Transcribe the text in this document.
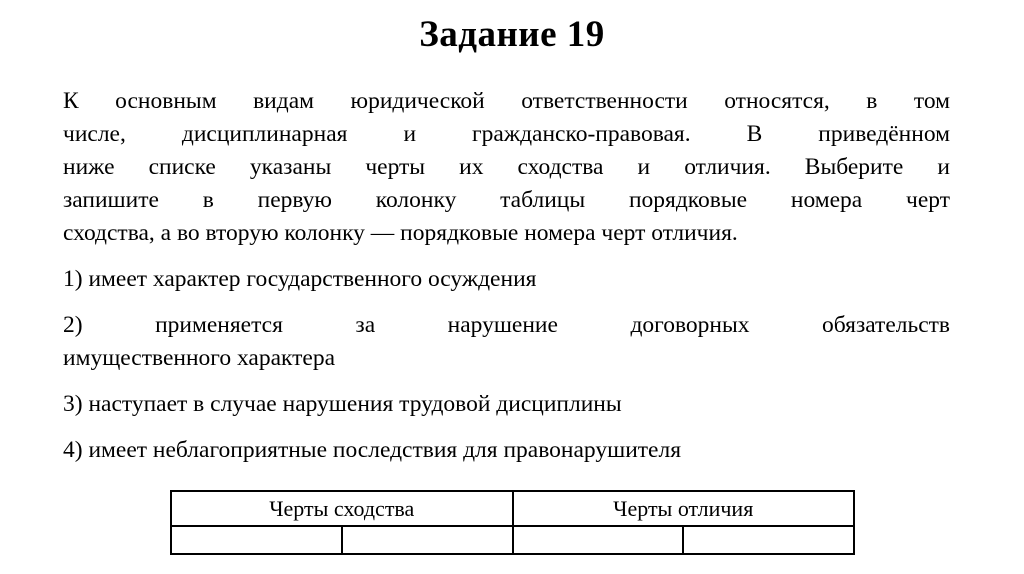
Задание 19
К основным видам юридической ответственности относятся, в том
числе, дисциплинарная и гражданско-правовая. В приведённом
ниже списке указаны черты их сходства и отличия. Выберите и
запишите в первую колонку таблицы порядковые номера черт
сходства, а во вторую колонку — порядковые номера черт отличия.
1) имеет характер государственного осуждения
2) применяется за нарушение договорных обязательств
имущественного характера
3) наступает в случае нарушения трудовой дисциплины
4) имеет неблагоприятные последствия для правонарушителя
Черты сходства		Черты отличия	
